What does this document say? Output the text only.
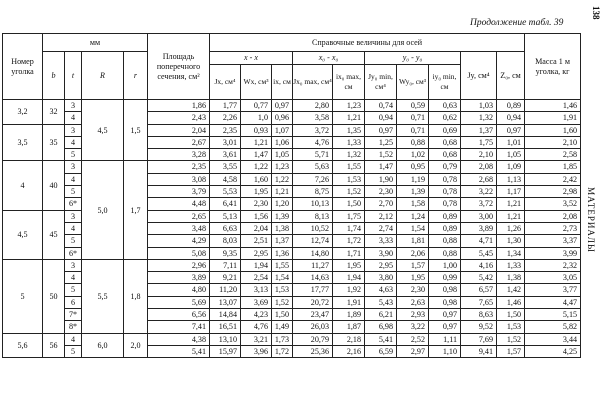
Продолжение табл. 39
138
МАТЕРИАЛЫ
Номер уголка	мм				Площадь поперечного сечения, см²	Справочные величины для осей										Масса 1 м уголка, кг
	b	t	R	r		x - x			x₀ - x₀		y₀ - y₀			Jy, см⁴	Z₀, см	
						Jx, см⁴	Wx, см³	ix, см	Jx₀ max, см⁴	ix₀ max, см	Jy₀ min, см⁴	Wy₀, см³	iy₀ min, см			
3,2	32	3	4,5	1,5	1,86	1,77	0,77	0,97	2,80	1,23	0,74	0,59	0,63	1,03	0,89	1,46
		4			2,43	2,26	1,0	0,96	3,58	1,21	0,94	0,71	0,62	1,32	0,94	1,91
3,5	35	3			2,04	2,35	0,93	1,07	3,72	1,35	0,97	0,71	0,69	1,37	0,97	1,60
		4			2,67	3,01	1,21	1,06	4,76	1,33	1,25	0,88	0,68	1,75	1,01	2,10
		5			3,28	3,61	1,47	1,05	5,71	1,32	1,52	1,02	0,68	2,10	1,05	2,58
4	40	3	5,0	1,7	2,35	3,55	1,22	1,23	5,63	1,55	1,47	0,95	0,79	2,08	1,09	1,85
		4			3,08	4,58	1,60	1,22	7,26	1,53	1,90	1,19	0,78	2,68	1,13	2,42
		5			3,79	5,53	1,95	1,21	8,75	1,52	2,30	1,39	0,78	3,22	1,17	2,98
		6*			4,48	6,41	2,30	1,20	10,13	1,50	2,70	1,58	0,78	3,72	1,21	3,52
4,5	45	3			2,65	5,13	1,56	1,39	8,13	1,75	2,12	1,24	0,89	3,00	1,21	2,08
		4			3,48	6,63	2,04	1,38	10,52	1,74	2,74	1,54	0,89	3,89	1,26	2,73
		5			4,29	8,03	2,51	1,37	12,74	1,72	3,33	1,81	0,88	4,71	1,30	3,37
		6*			5,08	9,35	2,95	1,36	14,80	1,71	3,90	2,06	0,88	5,45	1,34	3,99
5	50	3	5,5	1,8	2,96	7,11	1,94	1,55	11,27	1,95	2,95	1,57	1,00	4,16	1,33	2,32
		4			3,89	9,21	2,54	1,54	14,63	1,94	3,80	1,95	0,99	5,42	1,38	3,05
		5			4,80	11,20	3,13	1,53	17,77	1,92	4,63	2,30	0,98	6,57	1,42	3,77
		6			5,69	13,07	3,69	1,52	20,72	1,91	5,43	2,63	0,98	7,65	1,46	4,47
		7*			6,56	14,84	4,23	1,50	23,47	1,89	6,21	2,93	0,97	8,63	1,50	5,15
		8*			7,41	16,51	4,76	1,49	26,03	1,87	6,98	3,22	0,97	9,52	1,53	5,82
5,6	56	4	6,0	2,0	4,38	13,10	3,21	1,73	20,79	2,18	5,41	2,52	1,11	7,69	1,52	3,44
		5			5,41	15,97	3,96	1,72	25,36	2,16	6,59	2,97	1,10	9,41	1,57	4,25
